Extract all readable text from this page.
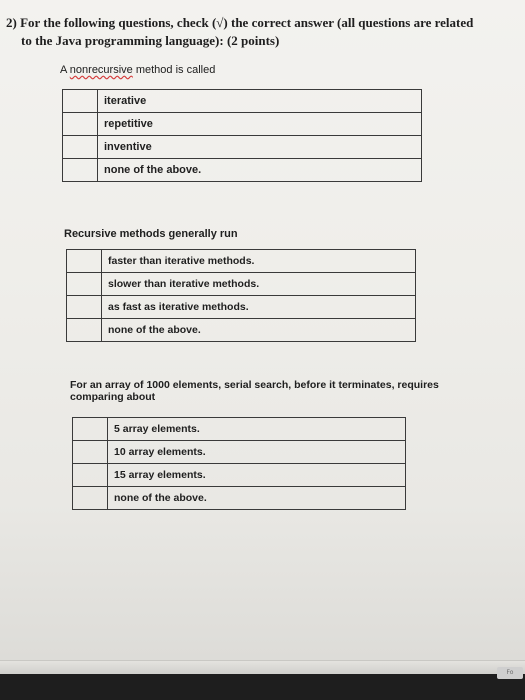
Fo
2) For the following questions, check (√) the correct answer (all questions are related
to the Java programming language): (2 points)
A nonrecursive method is called
	iterative
	repetitive
	inventive
	none of the above.
Recursive methods generally run
	faster than iterative methods.
	slower than iterative methods.
	as fast as iterative methods.
	none of the above.
For an array of 1000 elements, serial search, before it terminates, requires
comparing about
	5 array elements.
	10 array elements.
	15 array elements.
	none of the above.
